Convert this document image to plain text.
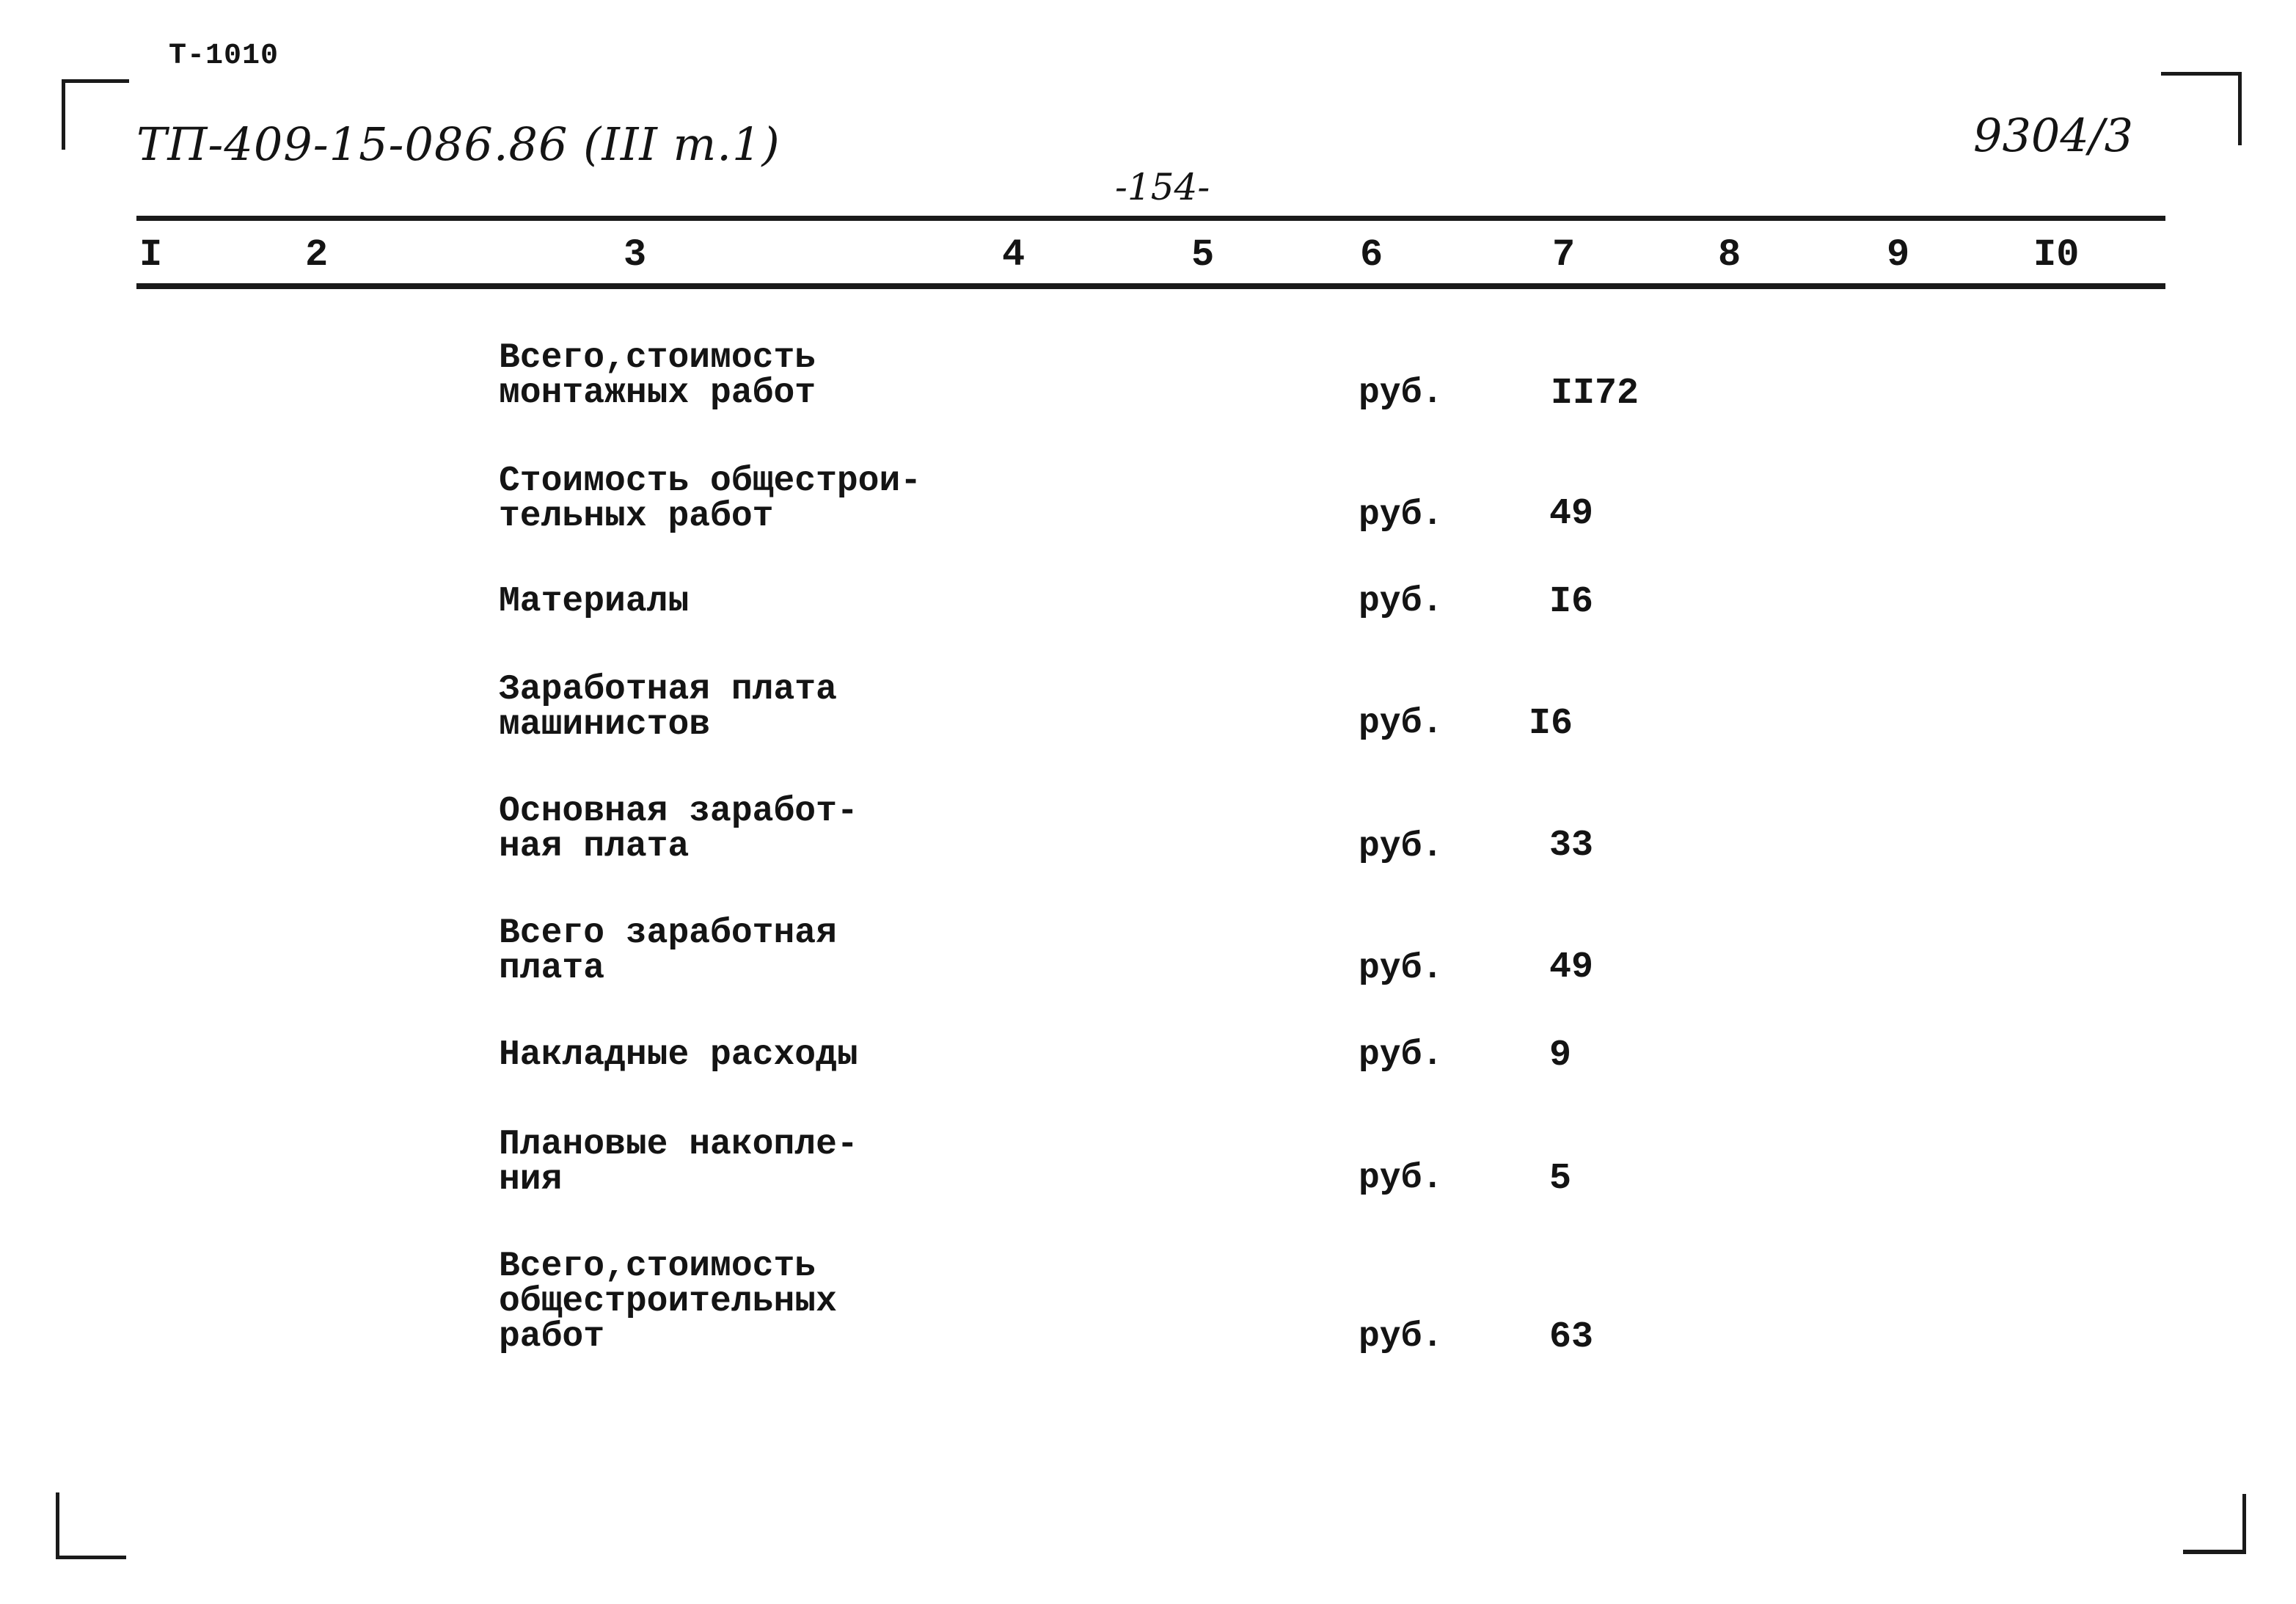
Т-1010
ТП-409-15-086.86 (III т.1)	9304/3
-154-
I	2	3	4	5	6	7	8	9	I0
Всего,стоимость
монтажных работ	руб.	II72
Стоимость общестрои-
тельных работ	руб.	49
Материалы	руб.	I6
Заработная плата
машинистов	руб. I6
Основная заработ-
ная плата	руб.	33
Всего заработная
плата	руб.	49
Накладные расходы	руб.	9
Плановые накопле-
ния	руб.	5
Всего,стоимость
общестроительных
работ	руб.	63
